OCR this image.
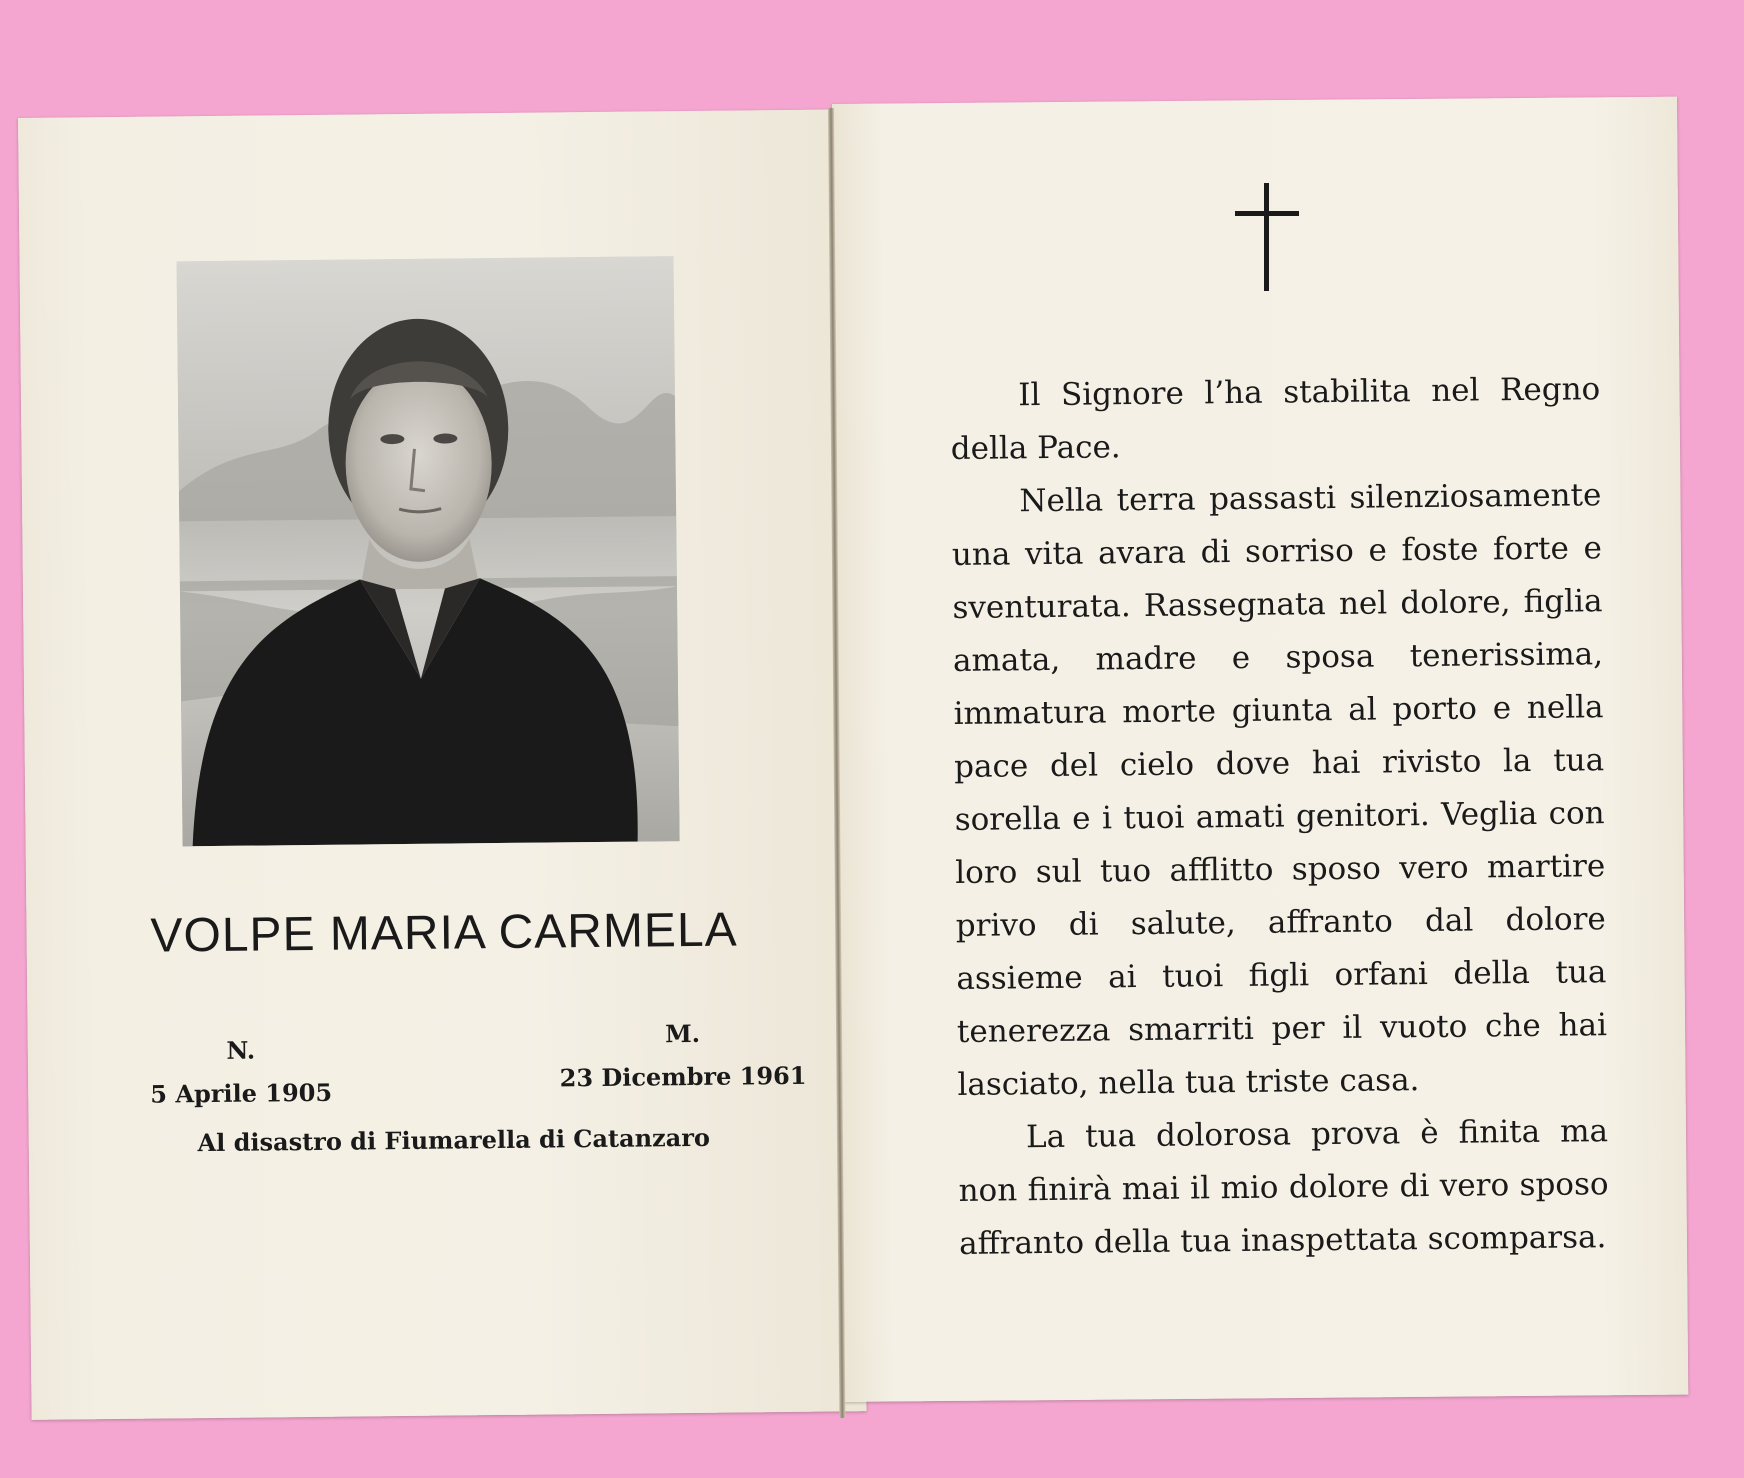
VOLPE MARIA CARMELA
N.
5 Aprile 1905
M.
23 Dicembre 1961
Al disastro di Fiumarella di Catanzaro

Il Signore l’ha stabilita nel Regno della Pace.

Nella terra passasti silenziosamente una vita avara di sorriso e foste forte e sventurata. Rassegnata nel dolore, figlia amata, madre e sposa tenerissima, immatura morte giunta al porto e nella pace del cielo dove hai rivisto la tua sorella e i tuoi amati genitori. Veglia con loro sul tuo afflitto sposo vero martire privo di salute, affranto dal dolore assieme ai tuoi figli orfani della tua tenerezza smarriti per il vuoto che hai lasciato, nella tua triste casa.

La tua dolorosa prova è finita ma non finirà mai il mio dolore di vero sposo affranto della tua inaspettata scomparsa.
